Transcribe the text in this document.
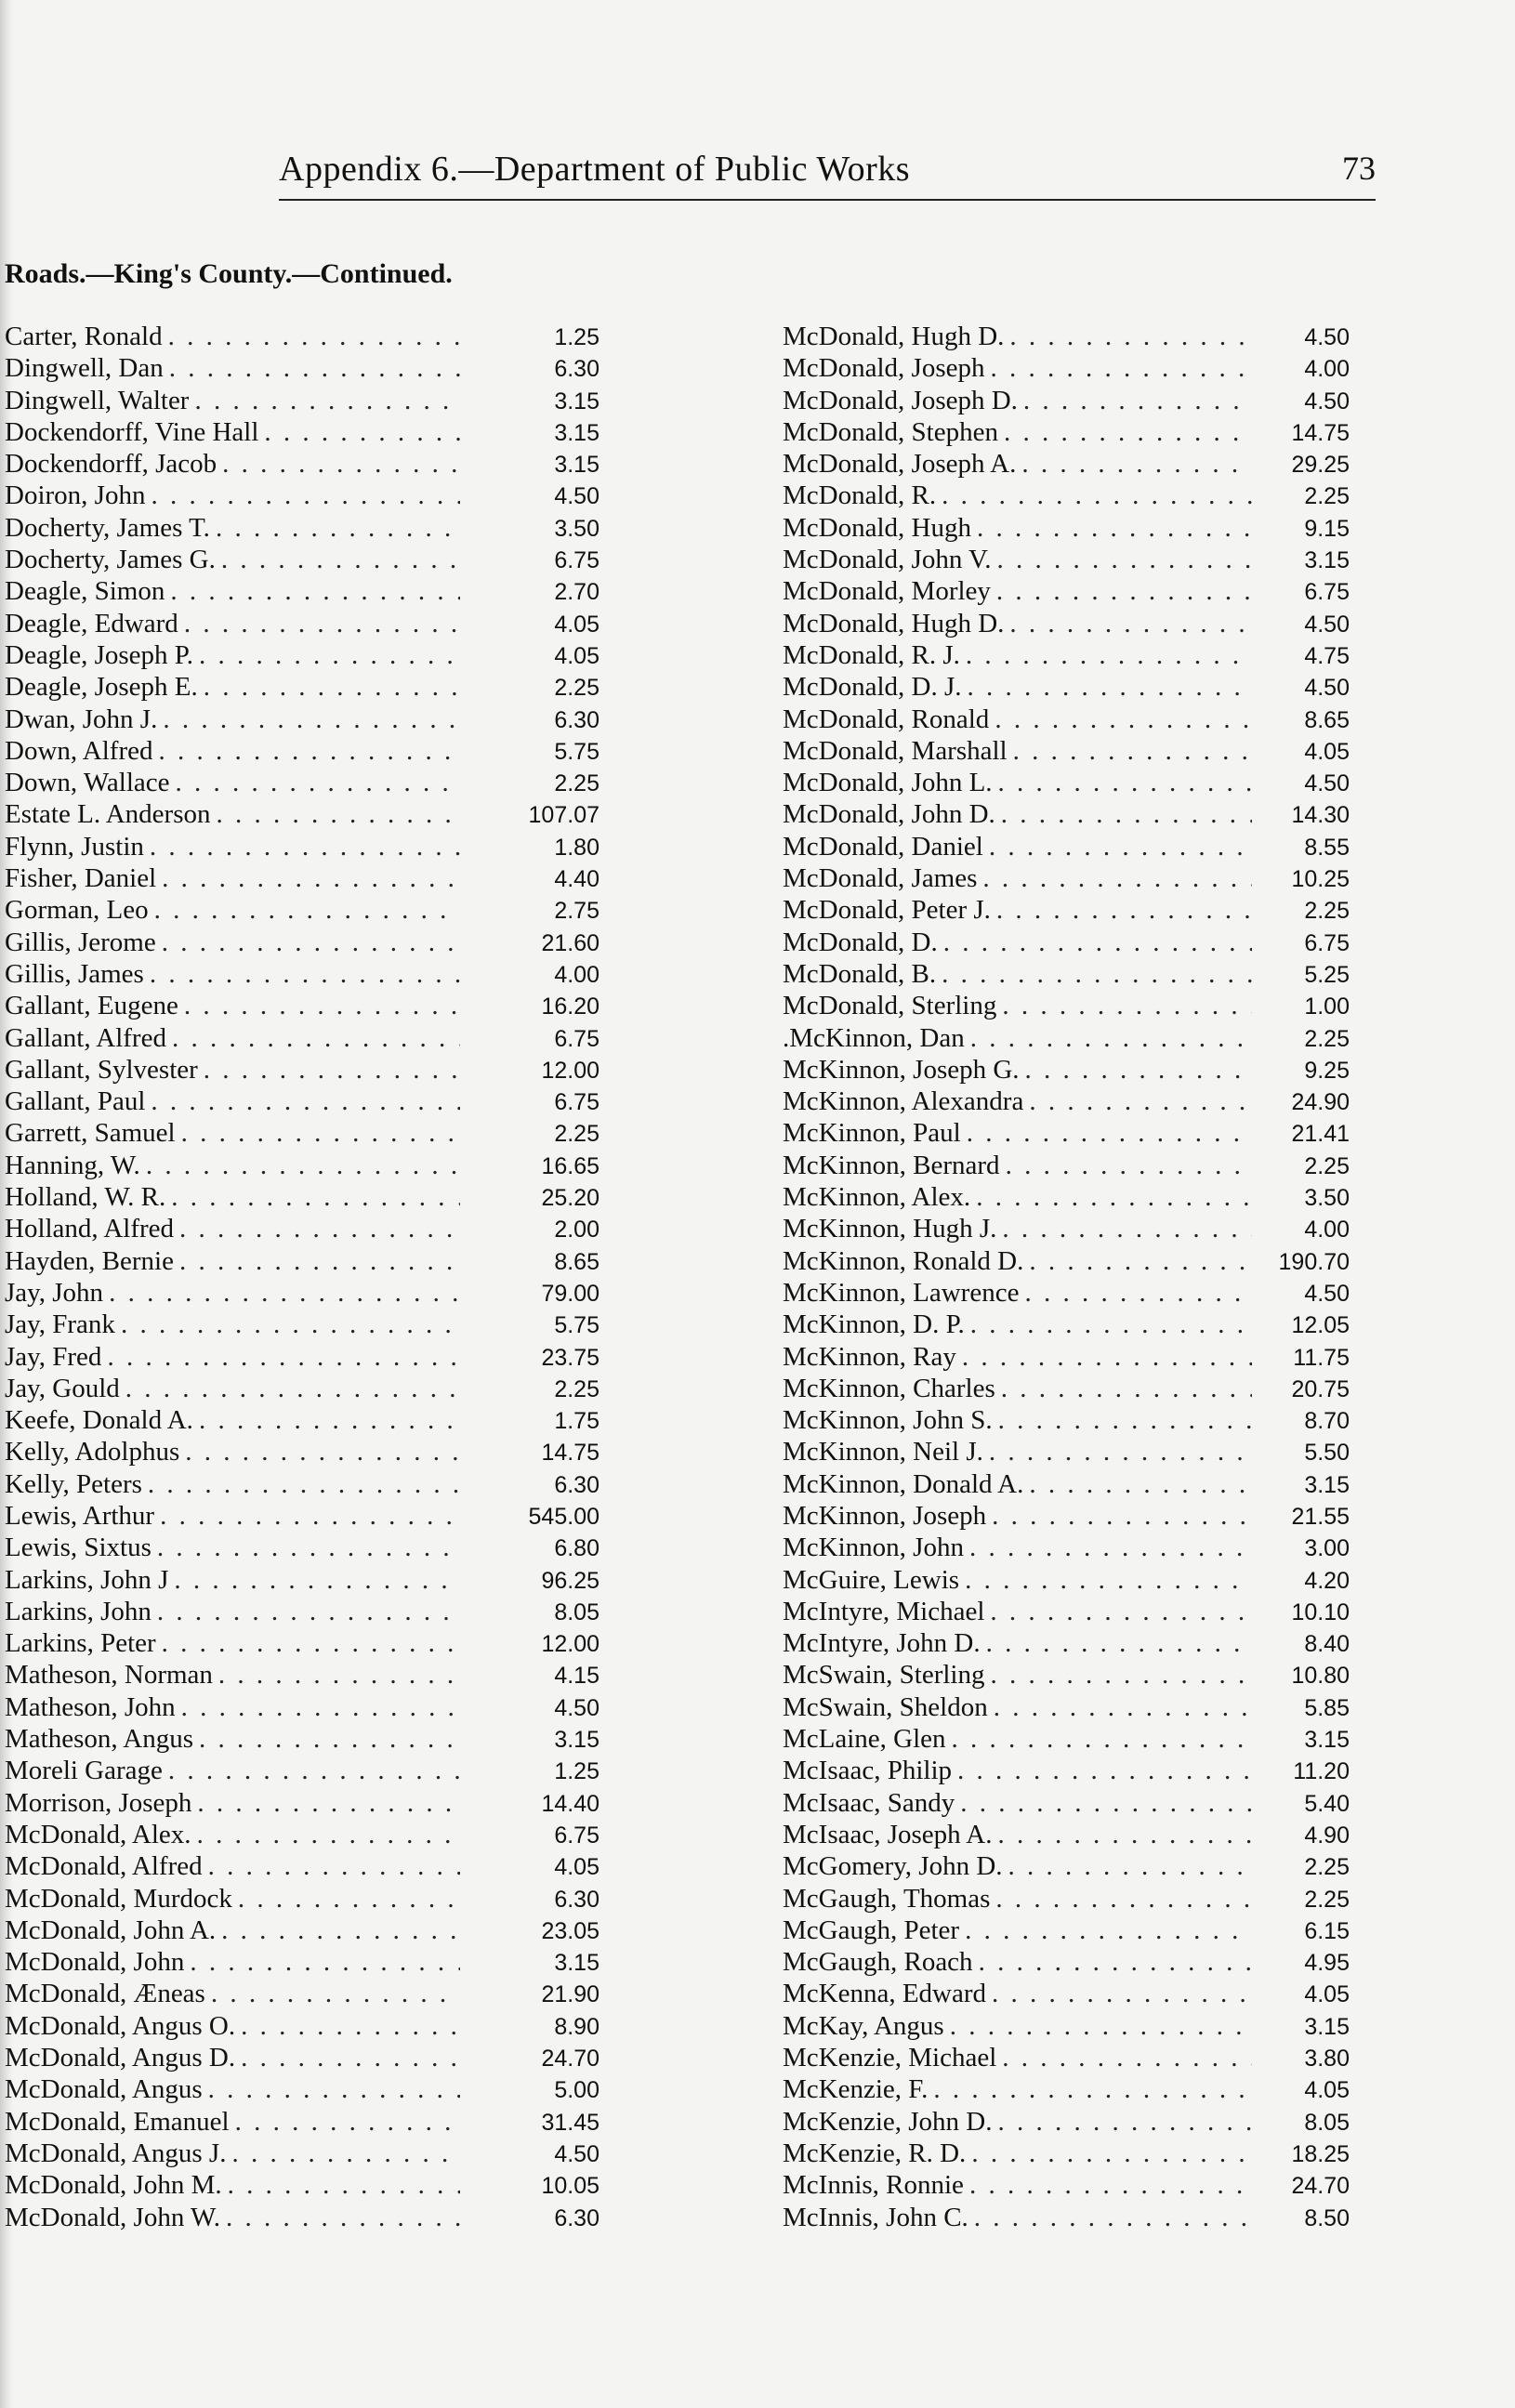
Appendix 6.—Department of Public Works	73
Roads.—King's County.—Continued.
Carter, Ronald . . .	1.25
Dingwell, Dan . . .	6.30
Dingwell, Walter . . .	3.15
Dockendorff, Vine Hall . . .	3.15
Dockendorff, Jacob . . .	3.15
Doiron, John . . .	4.50
Docherty, James T. . . .	3.50
Docherty, James G. . . .	6.75
Deagle, Simon . . .	2.70
Deagle, Edward . . .	4.05
Deagle, Joseph P. . . .	4.05
Deagle, Joseph E. . . .	2.25
Dwan, John J. . . .	6.30
Down, Alfred . . .	5.75
Down, Wallace . . .	2.25
Estate L. Anderson . . .	107.07
Flynn, Justin . . .	1.80
Fisher, Daniel . . .	4.40
Gorman, Leo . . .	2.75
Gillis, Jerome . . .	21.60
Gillis, James . . .	4.00
Gallant, Eugene . . .	16.20
Gallant, Alfred . . .	6.75
Gallant, Sylvester . . .	12.00
Gallant, Paul . . .	6.75
Garrett, Samuel . . .	2.25
Hanning, W. . . .	16.65
Holland, W. R. . . .	25.20
Holland, Alfred . . .	2.00
Hayden, Bernie . . .	8.65
Jay, John . . .	79.00
Jay, Frank . . .	5.75
Jay, Fred . . .	23.75
Jay, Gould . . .	2.25
Keefe, Donald A. . . .	1.75
Kelly, Adolphus . . .	14.75
Kelly, Peters . . .	6.30
Lewis, Arthur . . .	545.00
Lewis, Sixtus . . .	6.80
Larkins, John J . . .	96.25
Larkins, John . . .	8.05
Larkins, Peter . . .	12.00
Matheson, Norman . . .	4.15
Matheson, John . . .	4.50
Matheson, Angus . . .	3.15
Moreli Garage . . .	1.25
Morrison, Joseph . . .	14.40
McDonald, Alex. . . .	6.75
McDonald, Alfred . . .	4.05
McDonald, Murdock . . .	6.30
McDonald, John A. . . .	23.05
McDonald, John . . .	3.15
McDonald, Æneas . . .	21.90
McDonald, Angus O. . . .	8.90
McDonald, Angus D. . . .	24.70
McDonald, Angus . . .	5.00
McDonald, Emanuel . . .	31.45
McDonald, Angus J. . . .	4.50
McDonald, John M. . . .	10.05
McDonald, John W. . . .	6.30
McDonald, Hugh D. . . .	4.50
McDonald, Joseph . . .	4.00
McDonald, Joseph D. . . .	4.50
McDonald, Stephen . . .	14.75
McDonald, Joseph A. . . .	29.25
McDonald, R. . . .	2.25
McDonald, Hugh . . .	9.15
McDonald, John V. . . .	3.15
McDonald, Morley . . .	6.75
McDonald, Hugh D. . . .	4.50
McDonald, R. J. . . .	4.75
McDonald, D. J. . . .	4.50
McDonald, Ronald . . .	8.65
McDonald, Marshall . . .	4.05
McDonald, John L. . . .	4.50
McDonald, John D. . . .	14.30
McDonald, Daniel . . .	8.55
McDonald, James . . .	10.25
McDonald, Peter J. . . .	2.25
McDonald, D. . . .	6.75
McDonald, B. . . .	5.25
McDonald, Sterling . . .	1.00
.McKinnon, Dan . . .	2.25
McKinnon, Joseph G. . . .	9.25
McKinnon, Alexandra . . .	24.90
McKinnon, Paul . . .	21.41
McKinnon, Bernard . . .	2.25
McKinnon, Alex. . . .	3.50
McKinnon, Hugh J. . . .	4.00
McKinnon, Ronald D. . . .	190.70
McKinnon, Lawrence . . .	4.50
McKinnon, D. P. . . .	12.05
McKinnon, Ray . . .	11.75
McKinnon, Charles . . .	20.75
McKinnon, John S. . . .	8.70
McKinnon, Neil J. . . .	5.50
McKinnon, Donald A. . . .	3.15
McKinnon, Joseph . . .	21.55
McKinnon, John . . .	3.00
McGuire, Lewis . . .	4.20
McIntyre, Michael . . .	10.10
McIntyre, John D. . . .	8.40
McSwain, Sterling . . .	10.80
McSwain, Sheldon . . .	5.85
McLaine, Glen . . .	3.15
McIsaac, Philip . . .	11.20
McIsaac, Sandy . . .	5.40
McIsaac, Joseph A. . . .	4.90
McGomery, John D. . . .	2.25
McGaugh, Thomas . . .	2.25
McGaugh, Peter . . .	6.15
McGaugh, Roach . . .	4.95
McKenna, Edward . . .	4.05
McKay, Angus . . .	3.15
McKenzie, Michael . . .	3.80
McKenzie, F. . . .	4.05
McKenzie, John D. . . .	8.05
McKenzie, R. D. . . .	18.25
McInnis, Ronnie . . .	24.70
McInnis, John C. . . .	8.50
